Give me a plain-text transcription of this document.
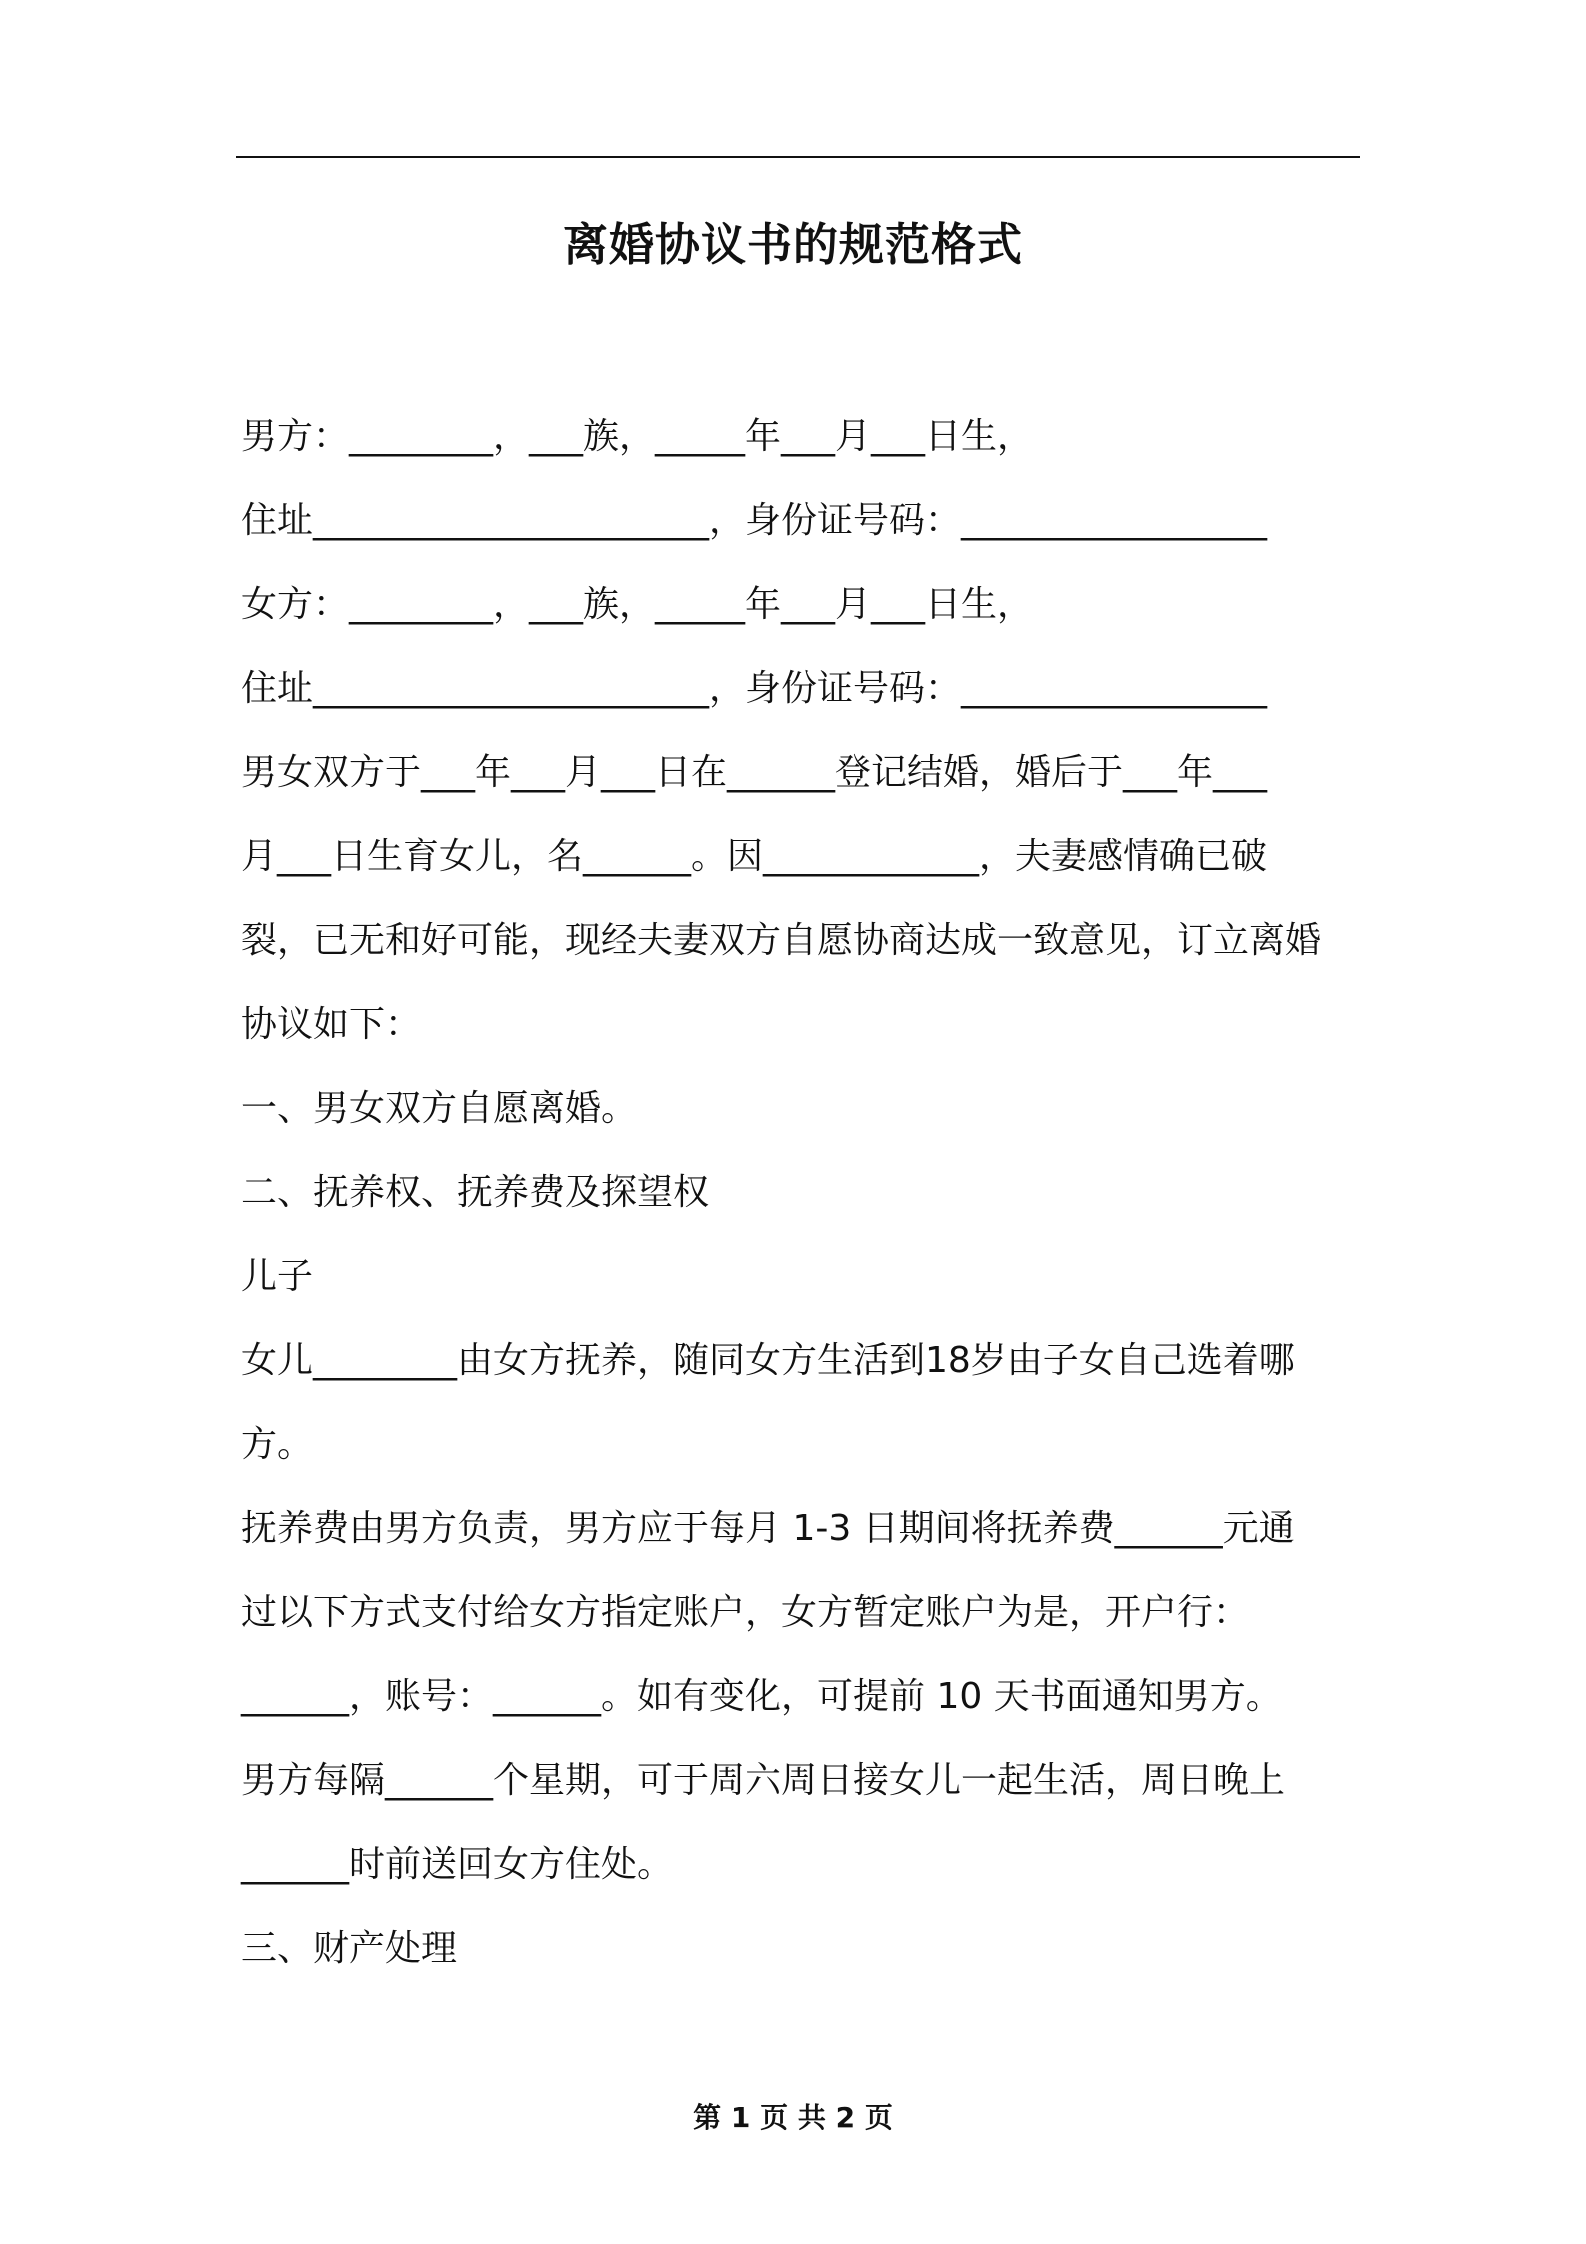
离婚协议书的规范格式
男方：________，___族，_____年___月___日生，
住址______________________，身份证号码：_________________
女方：________，___族，_____年___月___日生，
住址______________________，身份证号码：_________________
男女双方于___年___月___日在______登记结婚，婚后于___年___
月___日生育女儿，名______。因____________，夫妻感情确已破
裂，已无和好可能，现经夫妻双方自愿协商达成一致意见，订立离婚
协议如下：
一、男女双方自愿离婚。
二、抚养权、抚养费及探望权
儿子
女儿________由女方抚养，随同女方生活到18岁由子女自己选着哪
方。
抚养费由男方负责，男方应于每月 1-3 日期间将抚养费______元通
过以下方式支付给女方指定账户，女方暂定账户为是，开户行：
______，账号：______。如有变化，可提前 10 天书面通知男方。
男方每隔______个星期，可于周六周日接女儿一起生活，周日晚上
______时前送回女方住处。
三、财产处理
第 1 页 共 2 页
